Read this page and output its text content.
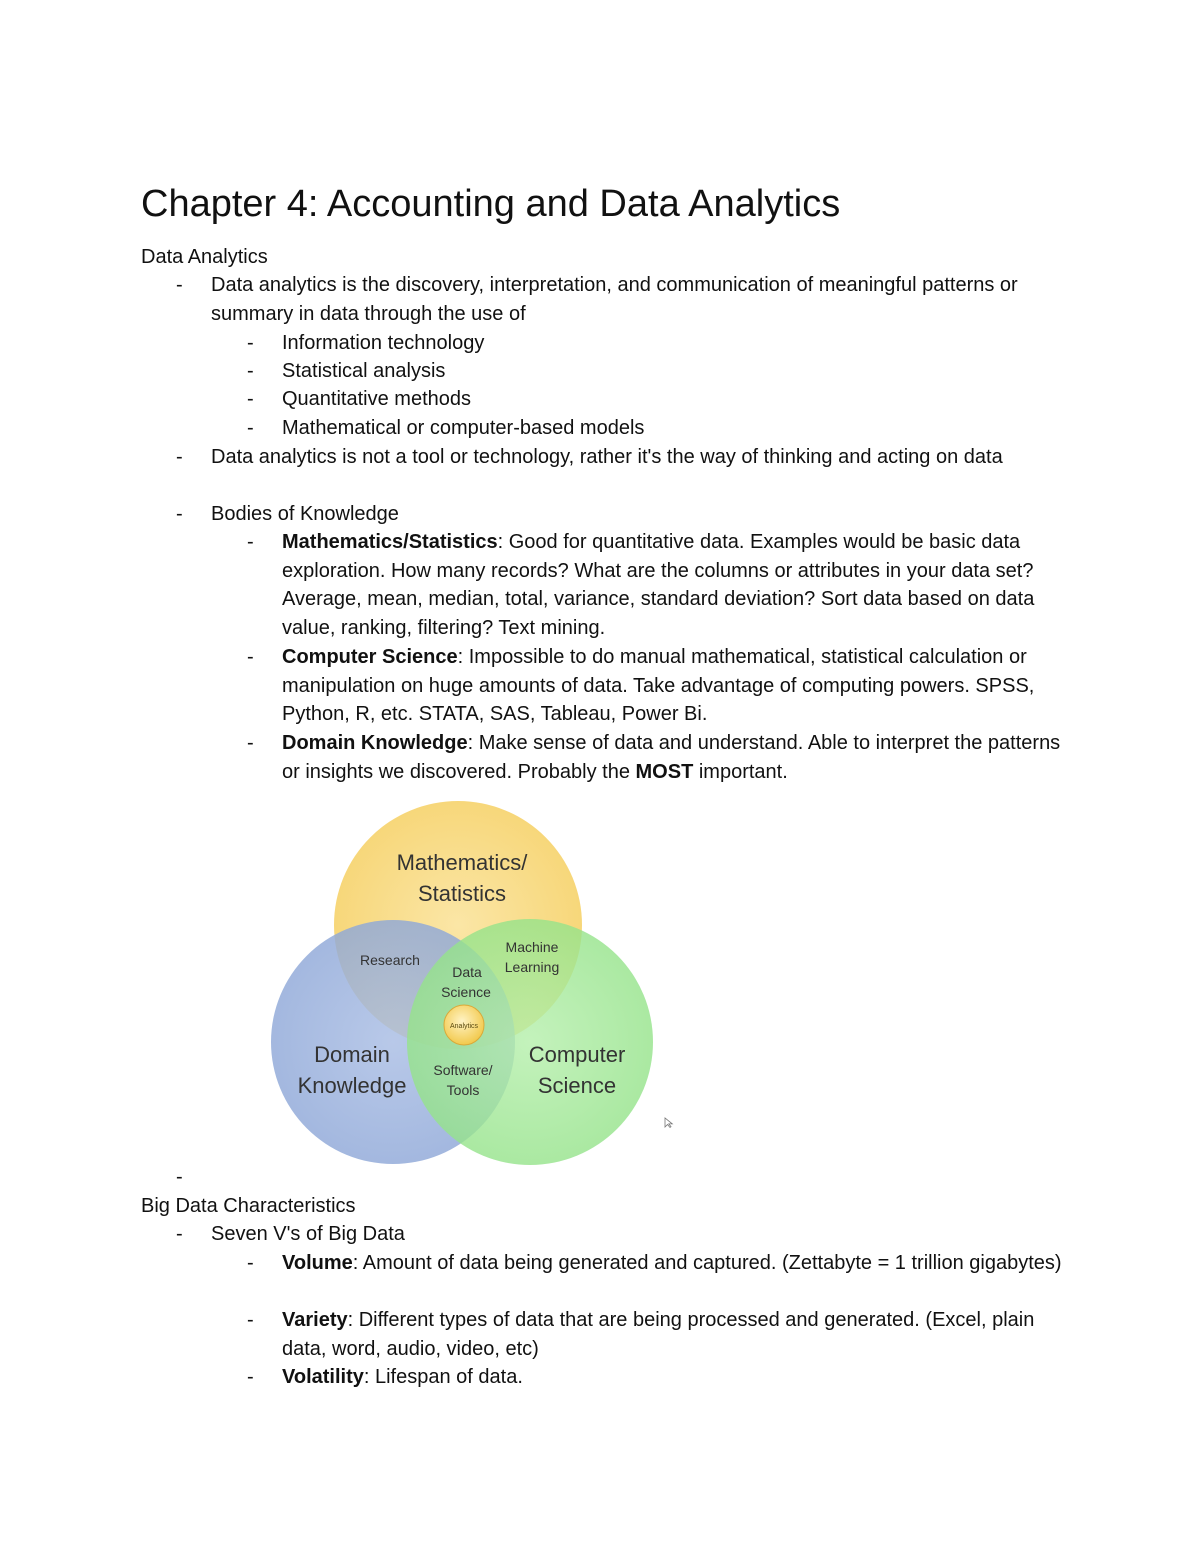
Chapter 4: Accounting and Data Analytics
Data Analytics
- Data analytics is the discovery, interpretation, and communication of meaningful patterns or summary in data through the use of
- Information technology
- Statistical analysis
- Quantitative methods
- Mathematical or computer-based models
- Data analytics is not a tool or technology, rather it's the way of thinking and acting on data
- Bodies of Knowledge
- Mathematics/Statistics: Good for quantitative data. Examples would be basic data exploration. How many records? What are the columns or attributes in your data set? Average, mean, median, total, variance, standard deviation? Sort data based on data value, ranking, filtering? Text mining.
- Computer Science: Impossible to do manual mathematical, statistical calculation or manipulation on huge amounts of data. Take advantage of computing powers. SPSS, Python, R, etc. STATA, SAS, Tableau, Power Bi.
- Domain Knowledge: Make sense of data and understand. Able to interpret the patterns or insights we discovered. Probably the MOST important.
Mathematics/
Statistics
Research
Machine
Learning
Data
Science
Analytics
Domain
Knowledge
Computer
Science
Software/
Tools
-
Big Data Characteristics
- Seven V's of Big Data
- Volume: Amount of data being generated and captured. (Zettabyte = 1 trillion gigabytes)
- Variety: Different types of data that are being processed and generated. (Excel, plain data, word, audio, video, etc)
- Volatility: Lifespan of data.
